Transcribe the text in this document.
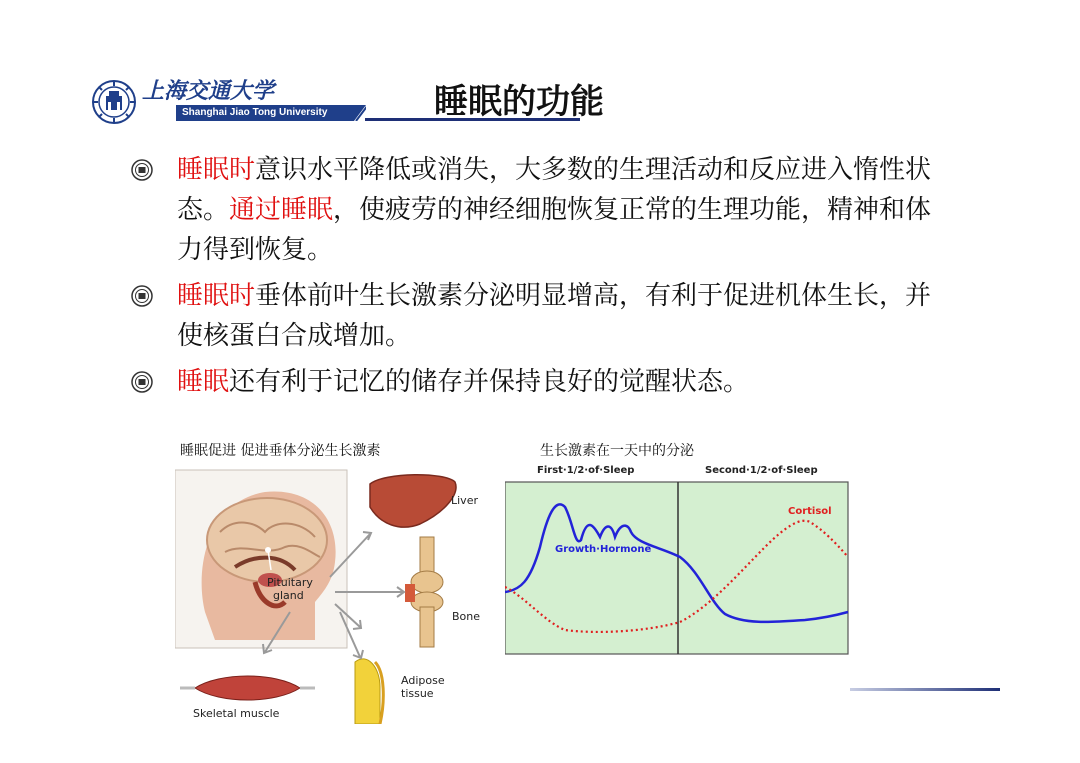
上海交通大学
Shanghai Jiao Tong University	睡眠的功能
睡眠时意识水平降低或消失，大多数的生理活动和反应进入惰性状态。通过睡眠，使疲劳的神经细胞恢复正常的生理功能，精神和体力得到恢复。
睡眠时垂体前叶生长激素分泌明显增高，有利于促进机体生长，并使核蛋白合成增加。
睡眠还有利于记忆的储存并保持良好的觉醒状态。
睡眠促进 促进垂体分泌生长激素	生长激素在一天中的分泌
Pituitary
gland
Liver
Bone
Adipose
tissue
Skeletal muscle
First·1/2·of·Sleep	Second·1/2·of·Sleep
Growth·Hormone
Cortisol
